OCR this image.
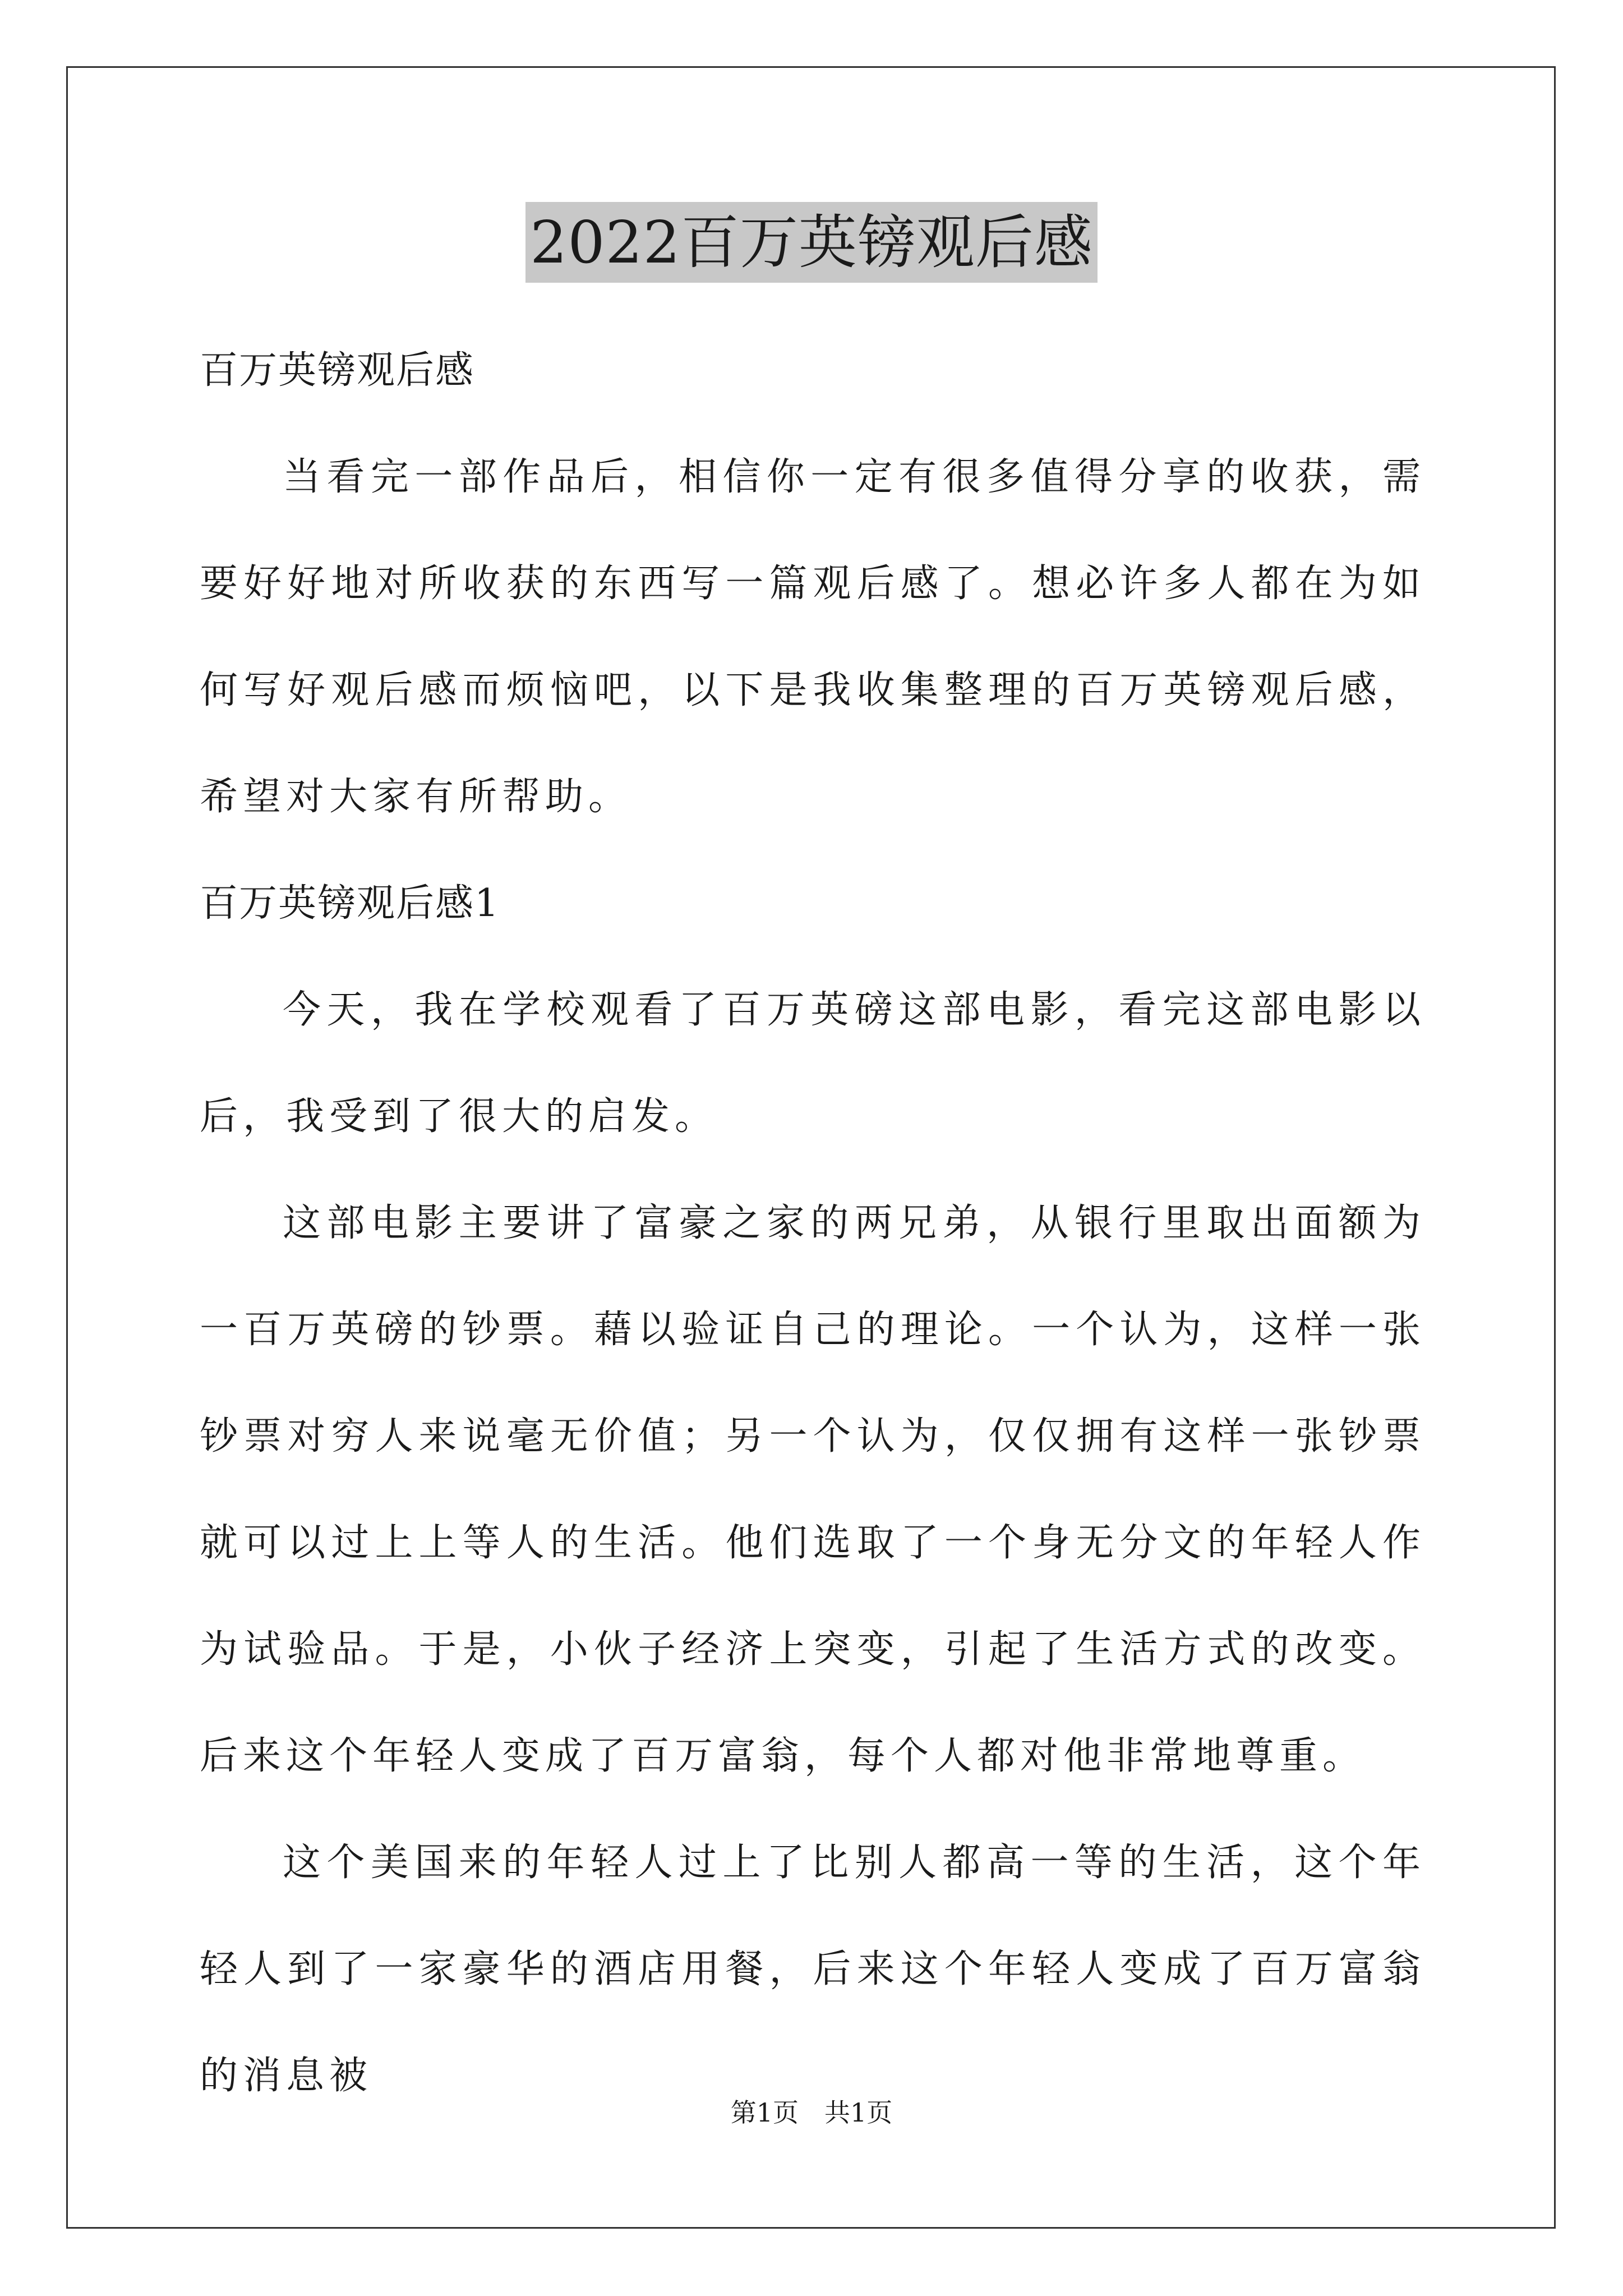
2022百万英镑观后感

百万英镑观后感

当看完一部作品后，相信你一定有很多值得分享的收获，需要好好地对所收获的东西写一篇观后感了。想必许多人都在为如何写好观后感而烦恼吧，以下是我收集整理的百万英镑观后感，希望对大家有所帮助。

百万英镑观后感1

今天，我在学校观看了百万英磅这部电影，看完这部电影以后，我受到了很大的启发。

这部电影主要讲了富豪之家的两兄弟，从银行里取出面额为一百万英磅的钞票。藉以验证自己的理论。一个认为，这样一张钞票对穷人来说毫无价值；另一个认为，仅仅拥有这样一张钞票就可以过上上等人的生活。他们选取了一个身无分文的年轻人作为试验品。于是，小伙子经济上突变，引起了生活方式的改变。后来这个年轻人变成了百万富翁，每个人都对他非常地尊重。

这个美国来的年轻人过上了比别人都高一等的生活，这个年轻人到了一家豪华的酒店用餐，后来这个年轻人变成了百万富翁的消息被

第1页　共1页
